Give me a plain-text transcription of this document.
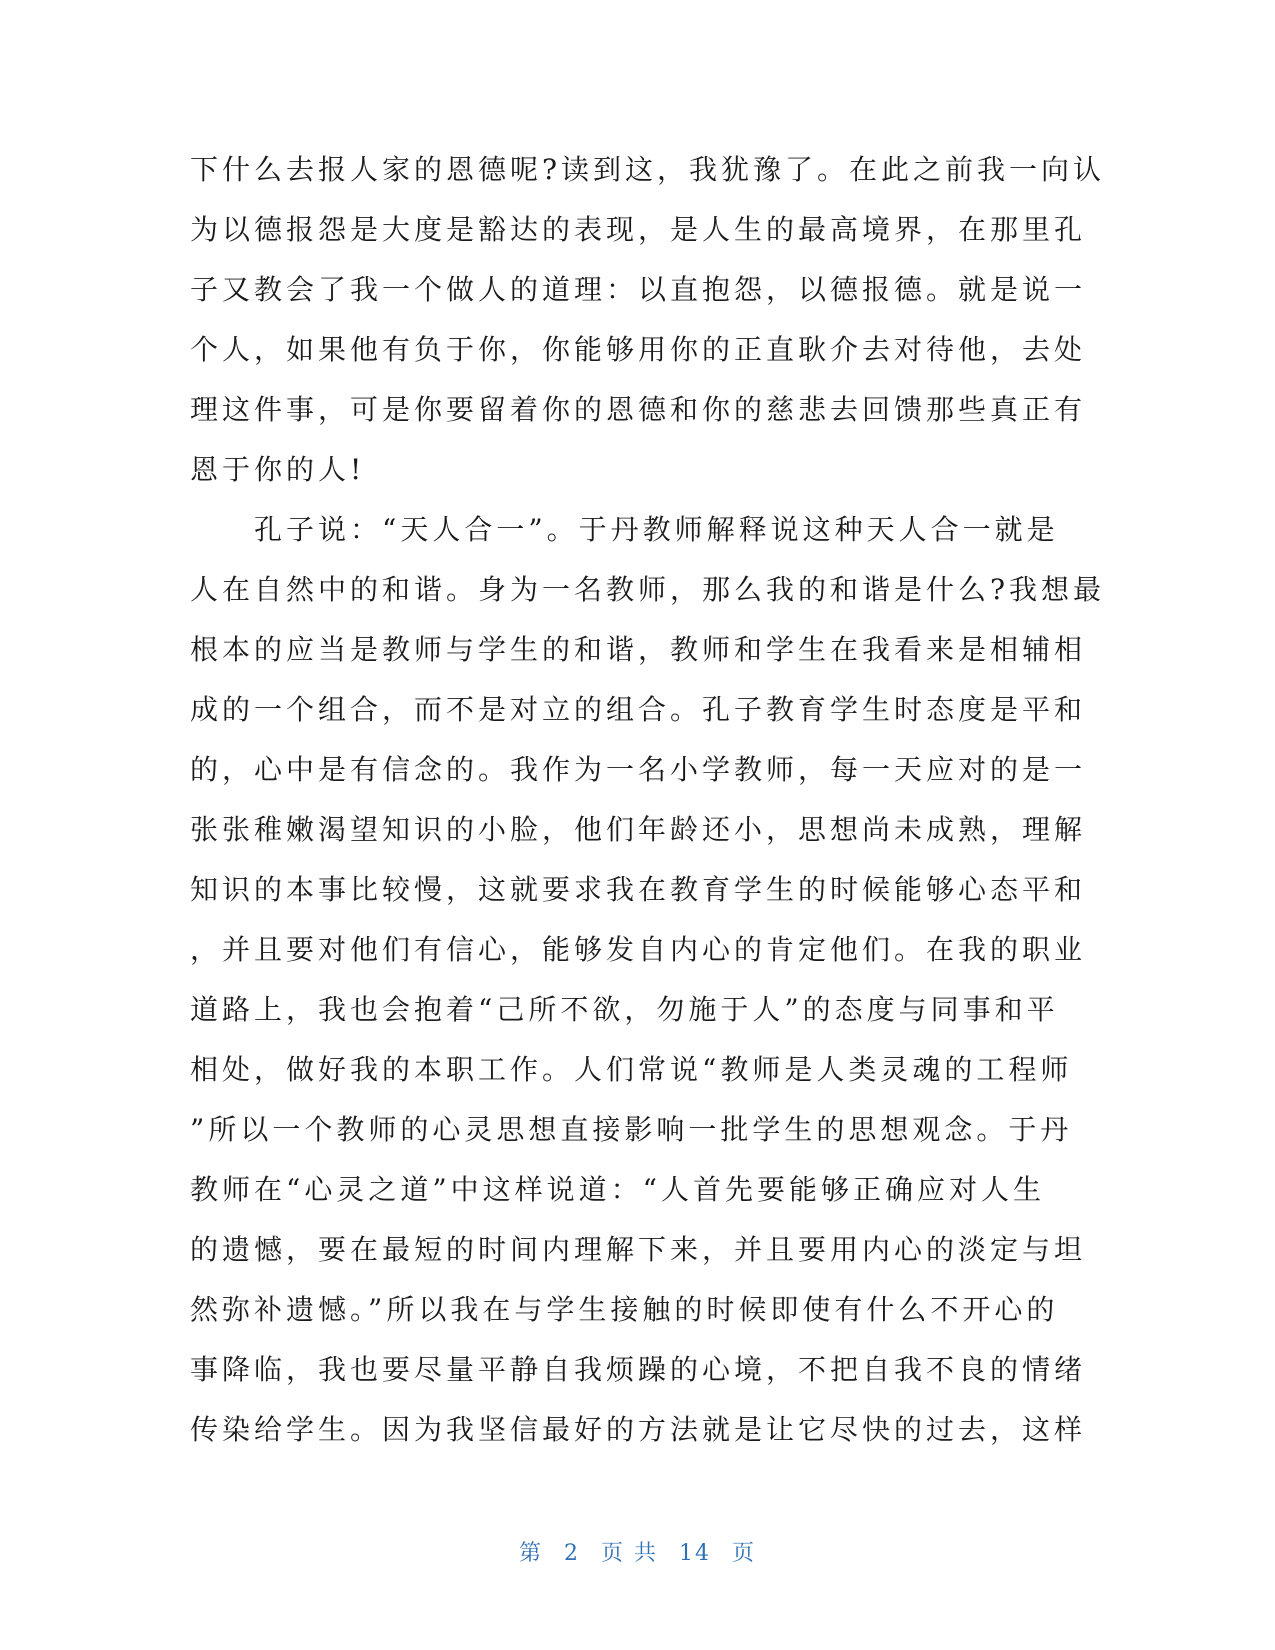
下什么去报人家的恩德呢?读到这，我犹豫了。在此之前我一向认
为以德报怨是大度是豁达的表现，是人生的最高境界，在那里孔
子又教会了我一个做人的道理：以直抱怨，以德报德。就是说一
个人，如果他有负于你，你能够用你的正直耿介去对待他，去处
理这件事，可是你要留着你的恩德和你的慈悲去回馈那些真正有
恩于你的人!
　　孔子说：“天人合一”。于丹教师解释说这种天人合一就是
人在自然中的和谐。身为一名教师，那么我的和谐是什么?我想最
根本的应当是教师与学生的和谐，教师和学生在我看来是相辅相
成的一个组合，而不是对立的组合。孔子教育学生时态度是平和
的，心中是有信念的。我作为一名小学教师，每一天应对的是一
张张稚嫩渴望知识的小脸，他们年龄还小，思想尚未成熟，理解
知识的本事比较慢，这就要求我在教育学生的时候能够心态平和
，并且要对他们有信心，能够发自内心的肯定他们。在我的职业
道路上，我也会抱着“己所不欲，勿施于人”的态度与同事和平
相处，做好我的本职工作。人们常说“教师是人类灵魂的工程师
”所以一个教师的心灵思想直接影响一批学生的思想观念。于丹
教师在“心灵之道”中这样说道：“人首先要能够正确应对人生
的遗憾，要在最短的时间内理解下来，并且要用内心的淡定与坦
然弥补遗憾。”所以我在与学生接触的时候即使有什么不开心的
事降临，我也要尽量平静自我烦躁的心境，不把自我不良的情绪
传染给学生。因为我坚信最好的方法就是让它尽快的过去，这样
第 2 页 共 14 页
